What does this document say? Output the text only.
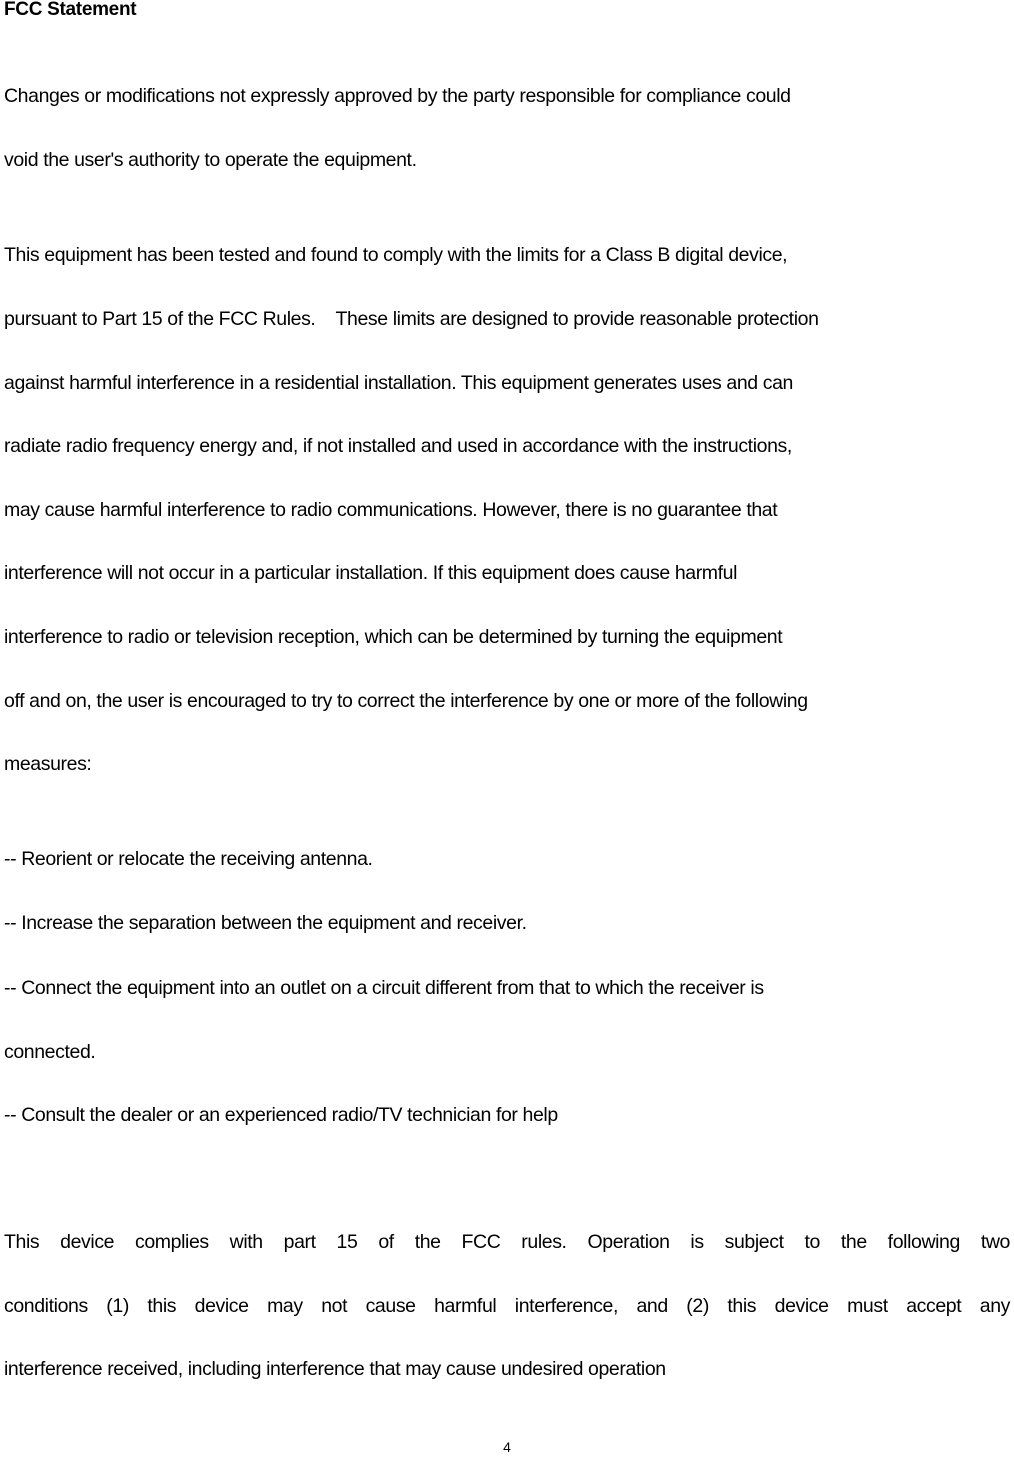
FCC Statement

Changes or modifications not expressly approved by the party responsible for compliance could

void the user's authority to operate the equipment.

This equipment has been tested and found to comply with the limits for a Class B digital device,

pursuant to Part 15 of the FCC Rules.    These limits are designed to provide reasonable protection

against harmful interference in a residential installation. This equipment generates uses and can

radiate radio frequency energy and, if not installed and used in accordance with the instructions,

may cause harmful interference to radio communications. However, there is no guarantee that

interference will not occur in a particular installation. If this equipment does cause harmful

interference to radio or television reception, which can be determined by turning the equipment

off and on, the user is encouraged to try to correct the interference by one or more of the following

measures:

-- Reorient or relocate the receiving antenna.

-- Increase the separation between the equipment and receiver.

-- Connect the equipment into an outlet on a circuit different from that to which the receiver is

connected.

-- Consult the dealer or an experienced radio/TV technician for help

This device complies with part 15 of the FCC rules. Operation is subject to the following two

conditions (1) this device may not cause harmful interference, and (2) this device must accept any

interference received, including interference that may cause undesired operation

4
